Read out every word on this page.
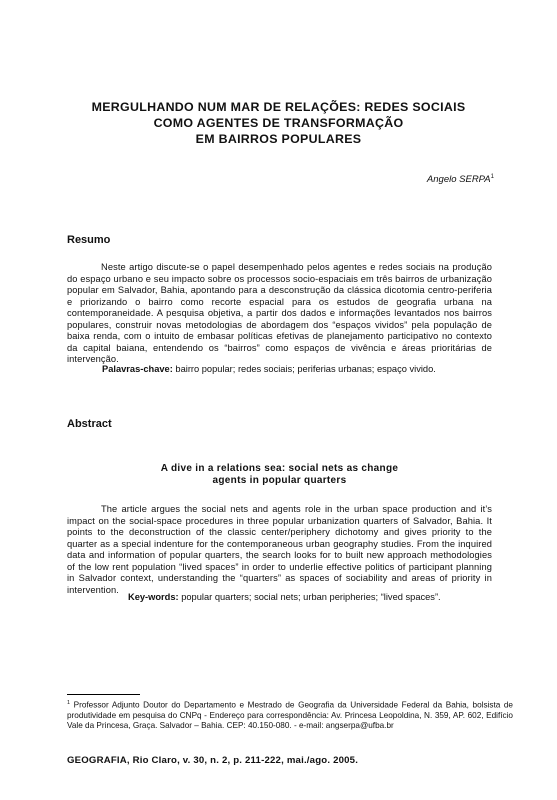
MERGULHANDO NUM MAR DE RELAÇÕES: REDES SOCIAIS
COMO AGENTES DE TRANSFORMAÇÃO
EM BAIRROS POPULARES
Angelo SERPA$^1$
Resumo
Neste artigo discute-se o papel desempenhado pelos agentes e redes sociais na produção do espaço urbano e seu impacto sobre os processos socio-espaciais em três bairros de urbanização popular em Salvador, Bahia, apontando para a desconstrução da clássica dicotomia centro-periferia e priorizando o bairro como recorte espacial para os estudos de geografia urbana na contemporaneidade. A pesquisa objetiva, a partir dos dados e informações levantados nos bairros populares, construir novas metodologias de abordagem dos “espaços vividos” pela população de baixa renda, com o intuito de embasar políticas efetivas de planejamento participativo no contexto da capital baiana, entendendo os “bairros” como espaços de vivência e áreas prioritárias de intervenção.
Palavras-chave: bairro popular; redes sociais; periferias urbanas; espaço vivido.
Abstract
A dive in a relations sea: social nets as change
agents in popular quarters
The article argues the social nets and agents role in the urban space production and it’s impact on the social-space procedures in three popular urbanization quarters of Salvador, Bahia. It points to the deconstruction of the classic center/periphery dichotomy and gives priority to the quarter as a special indenture for the contemporaneous urban geography studies. From the inquired data and information of popular quarters, the search looks for to built new approach methodologies of the low rent population “lived spaces” in order to underlie effective politics of participant planning in Salvador context, understanding the “quarters” as spaces of sociability and areas of priority in intervention.
Key-words: popular quarters; social nets; urban peripheries; “lived spaces”.
$^1$ Professor Adjunto Doutor do Departamento e Mestrado de Geografia da Universidade Federal da Bahia, bolsista de produtividade em pesquisa do CNPq - Endereço para correspondência: Av. Princesa Leopoldina, N. 359, AP. 602, Edifício Vale da Princesa, Graça. Salvador – Bahia. CEP: 40.150-080. - e-mail: angserpa@ufba.br
GEOGRAFIA, Rio Claro, v. 30, n. 2, p. 211-222, mai./ago. 2005.
